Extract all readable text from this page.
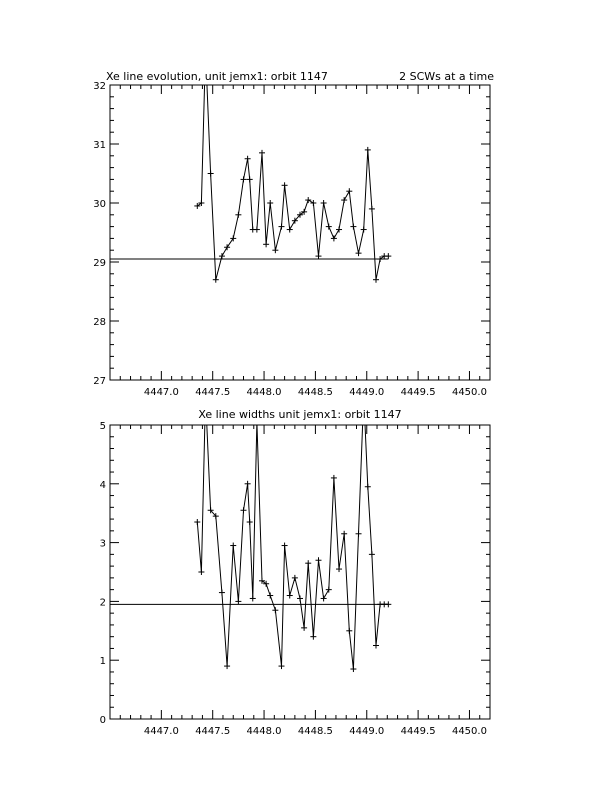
Xe line evolution, unit jemx1: orbit 1147	2 SCWs at a time
4447.0 4447.5 4448.0 4448.5 4449.0 4449.5 4450.0
27
28
29
30
31
32
Xe line widths unit jemx1: orbit 1147
4447.0 4447.5 4448.0 4448.5 4449.0 4449.5 4450.0
0
1
2
3
4
5
